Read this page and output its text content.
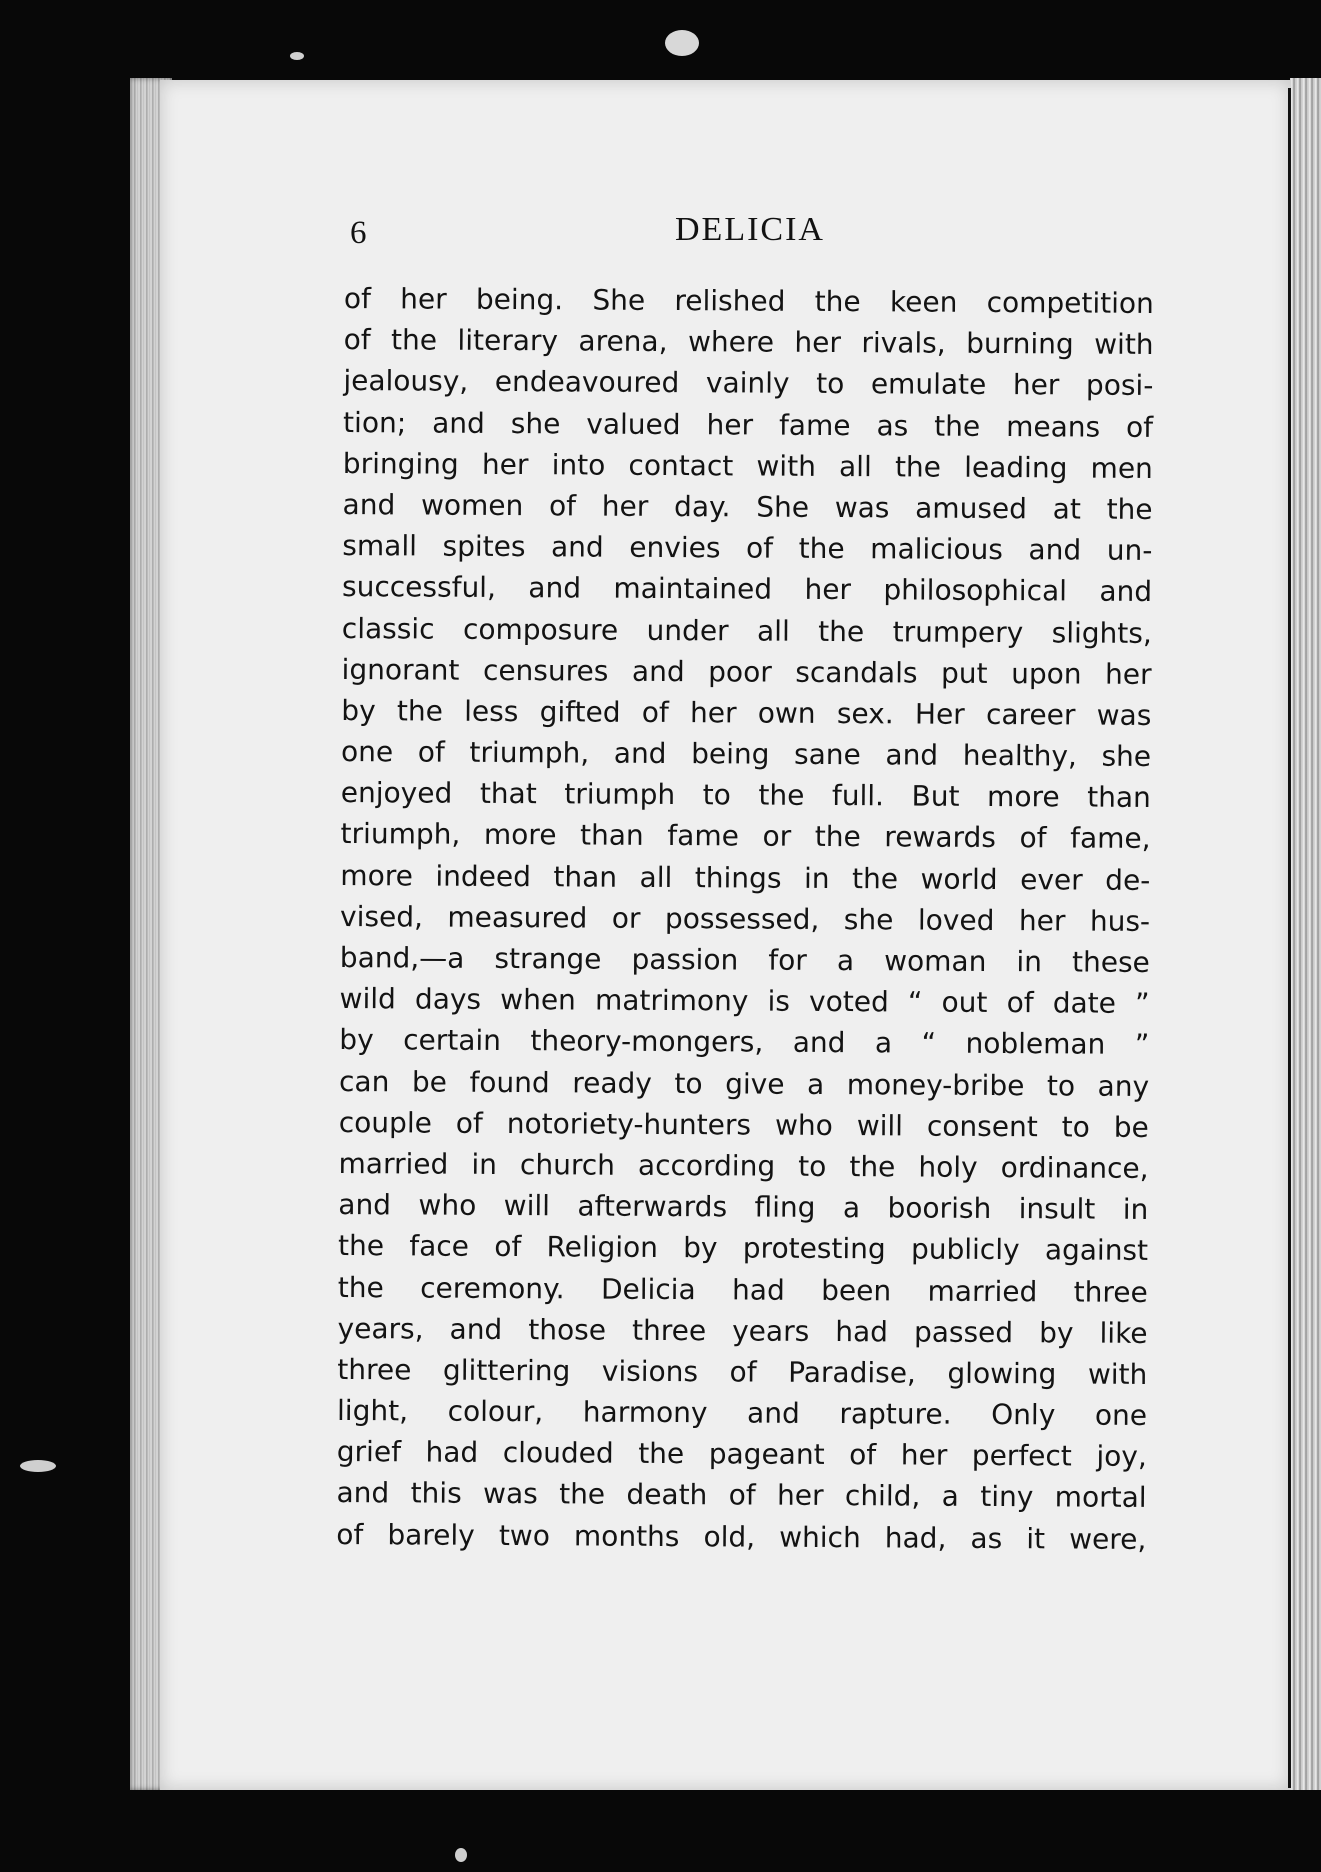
6	DELICIA
of her being. She relished the keen competition
of the literary arena, where her rivals, burning with
jealousy, endeavoured vainly to emulate her posi-
tion; and she valued her fame as the means of
bringing her into contact with all the leading men
and women of her day. She was amused at the
small spites and envies of the malicious and un-
successful, and maintained her philosophical and
classic composure under all the trumpery slights,
ignorant censures and poor scandals put upon her
by the less gifted of her own sex. Her career was
one of triumph, and being sane and healthy, she
enjoyed that triumph to the full. But more than
triumph, more than fame or the rewards of fame,
more indeed than all things in the world ever de-
vised, measured or possessed, she loved her hus-
band,—a strange passion for a woman in these
wild days when matrimony is voted “ out of date ”
by certain theory-mongers, and a “ nobleman ”
can be found ready to give a money-bribe to any
couple of notoriety-hunters who will consent to be
married in church according to the holy ordinance,
and who will afterwards fling a boorish insult in
the face of Religion by protesting publicly against
the ceremony. Delicia had been married three
years, and those three years had passed by like
three glittering visions of Paradise, glowing with
light, colour, harmony and rapture. Only one
grief had clouded the pageant of her perfect joy,
and this was the death of her child, a tiny mortal
of barely two months old, which had, as it were,
